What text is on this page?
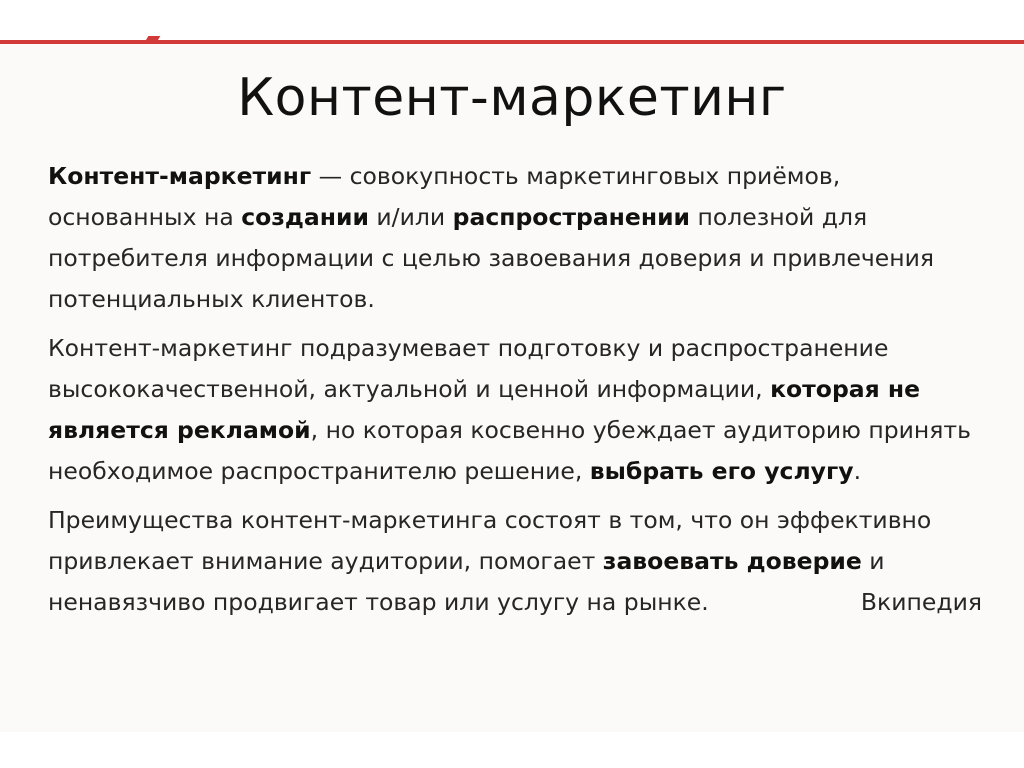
Контент-маркетинг

Контент-маркетинг — совокупность маркетинговых приёмов, основанных на создании и/или распространении полезной для потребителя информации с целью завоевания доверия и привлечения потенциальных клиентов.

Контент-маркетинг подразумевает подготовку и распространение высококачественной, актуальной и ценной информации, которая не является рекламой, но которая косвенно убеждает аудиторию принять необходимое распространителю решение, выбрать его услугу.

Преимущества контент-маркетинга состоят в том, что он эффективно привлекает внимание аудитории, помогает завоевать доверие и ненавязчиво продвигает товар или услугу на рынке.	Вкипедия
